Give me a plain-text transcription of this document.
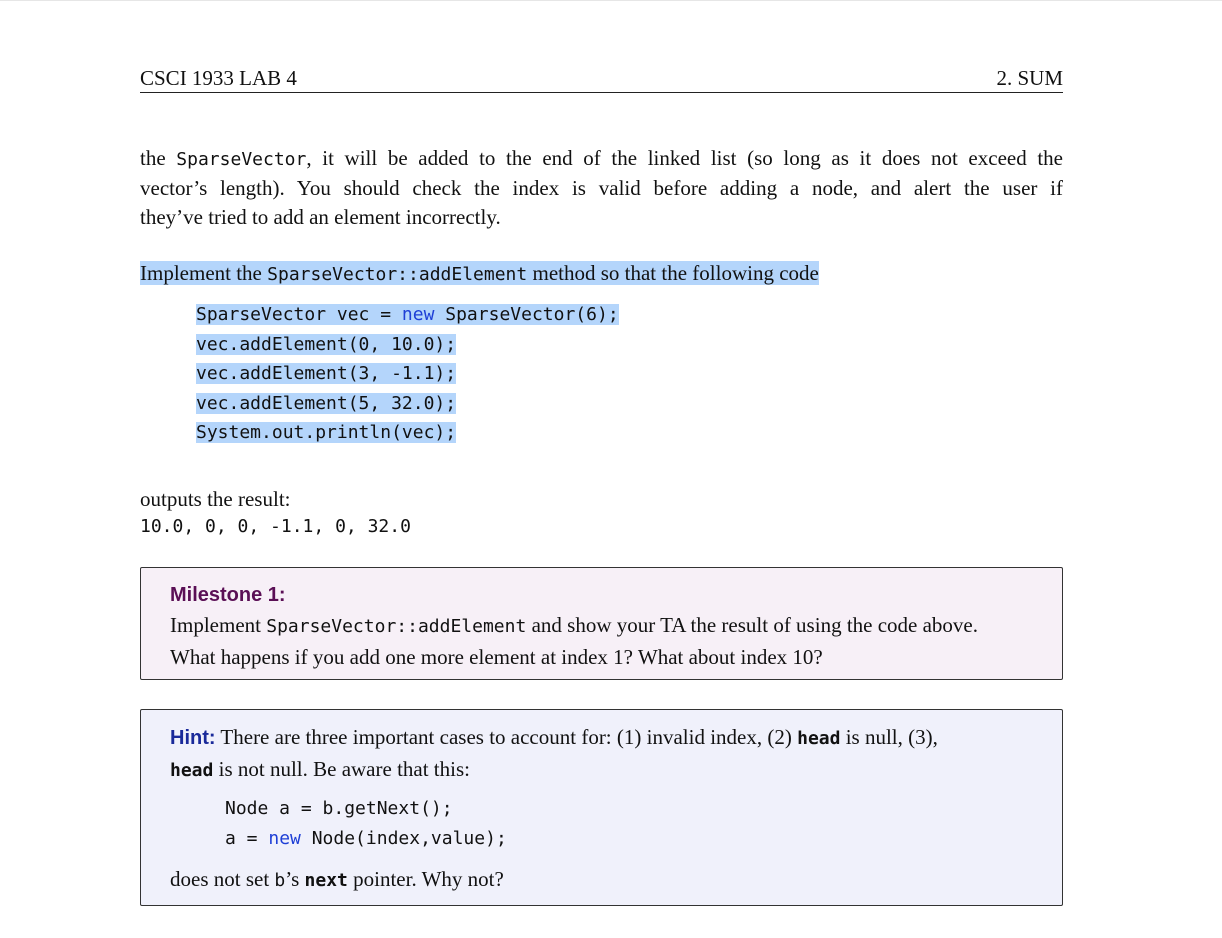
CSCI 1933 LAB 4	2. SUM
the SparseVector, it will be added to the end of the linked list (so long as it does not exceed the
vector’s length). You should check the index is valid before adding a node, and alert the user if
they’ve tried to add an element incorrectly.
Implement the SparseVector::addElement method so that the following code
SparseVector vec = new SparseVector(6);
vec.addElement(0, 10.0);
vec.addElement(3, -1.1);
vec.addElement(5, 32.0);
System.out.println(vec);
outputs the result:
10.0, 0, 0, -1.1, 0, 32.0
Milestone 1:
Implement SparseVector::addElement and show your TA the result of using the code above.
What happens if you add one more element at index 1? What about index 10?
Hint: There are three important cases to account for: (1) invalid index, (2) head is null, (3),
head is not null. Be aware that this:
Node a = b.getNext();
a = new Node(index,value);
does not set b’s next pointer. Why not?
